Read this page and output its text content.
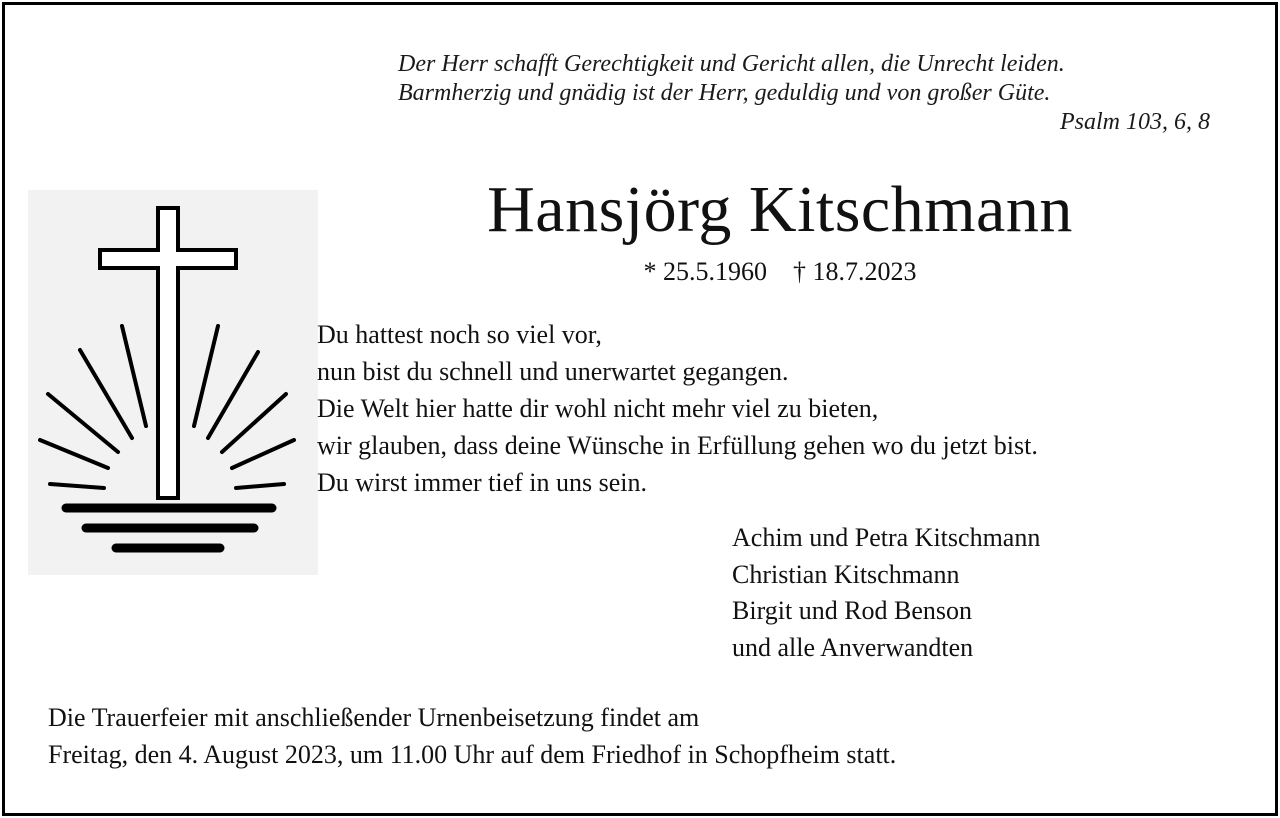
Der Herr schafft Gerechtigkeit und Gericht allen, die Unrecht leiden.
Barmherzig und gnädig ist der Herr, geduldig und von großer Güte.
Psalm 103, 6, 8
Hansjörg Kitschmann
* 25.5.1960 † 18.7.2023
Du hattest noch so viel vor,
nun bist du schnell und unerwartet gegangen.
Die Welt hier hatte dir wohl nicht mehr viel zu bieten,
wir glauben, dass deine Wünsche in Erfüllung gehen wo du jetzt bist.
Du wirst immer tief in uns sein.
Achim und Petra Kitschmann
Christian Kitschmann
Birgit und Rod Benson
und alle Anverwandten
Die Trauerfeier mit anschließender Urnenbeisetzung findet am
Freitag, den 4. August 2023, um 11.00 Uhr auf dem Friedhof in Schopfheim statt.
